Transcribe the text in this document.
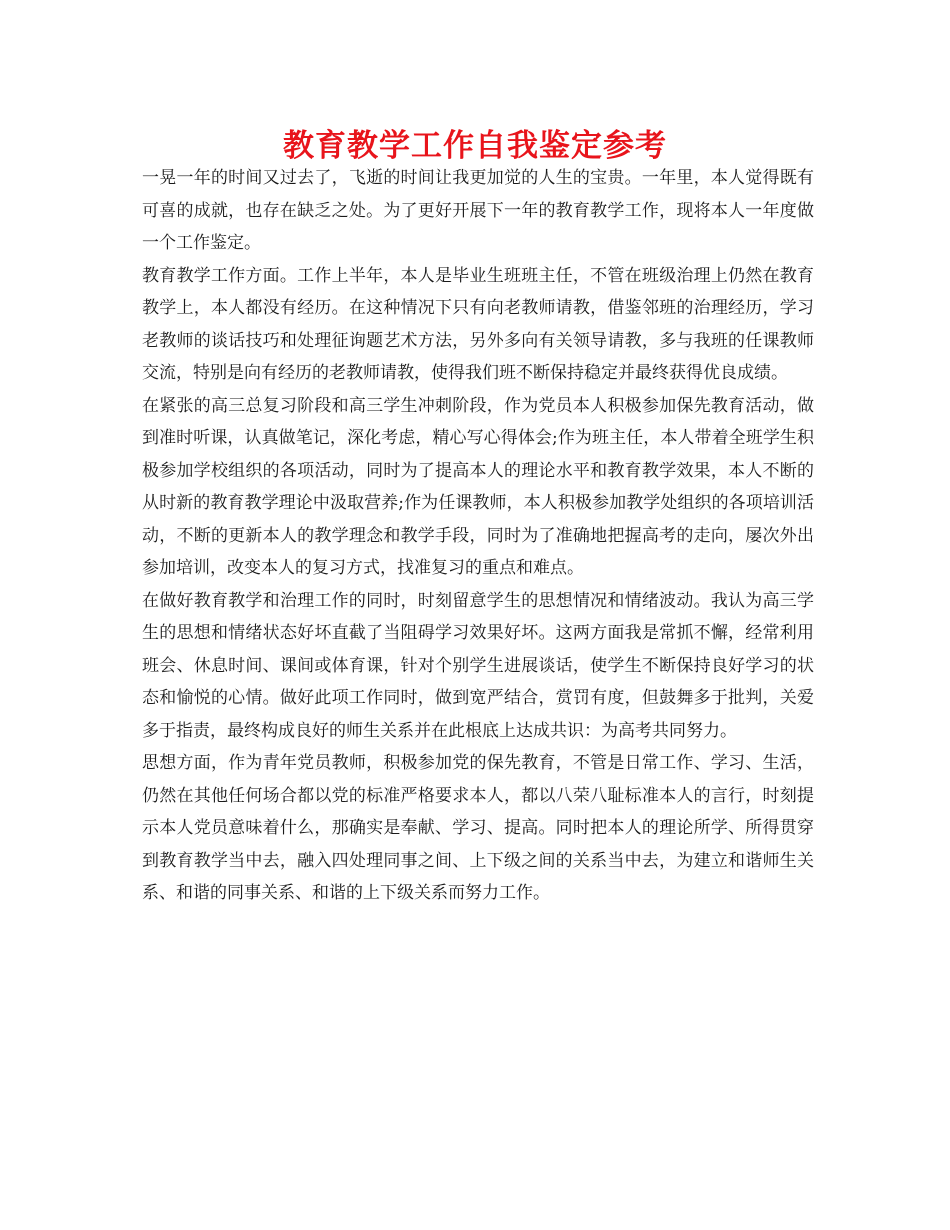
教育教学工作自我鉴定参考

一晃一年的时间又过去了，飞逝的时间让我更加觉的人生的宝贵。一年里，本人觉得既有可喜的成就，也存在缺乏之处。为了更好开展下一年的教育教学工作，现将本人一年度做一个工作鉴定。

教育教学工作方面。工作上半年，本人是毕业生班班主任，不管在班级治理上仍然在教育教学上，本人都没有经历。在这种情况下只有向老教师请教，借鉴邻班的治理经历，学习老教师的谈话技巧和处理征询题艺术方法，另外多向有关领导请教，多与我班的任课教师交流，特别是向有经历的老教师请教，使得我们班不断保持稳定并最终获得优良成绩。

在紧张的高三总复习阶段和高三学生冲刺阶段，作为党员本人积极参加保先教育活动，做到准时听课，认真做笔记，深化考虑，精心写心得体会;作为班主任，本人带着全班学生积极参加学校组织的各项活动，同时为了提高本人的理论水平和教育教学效果，本人不断的从时新的教育教学理论中汲取营养;作为任课教师，本人积极参加教学处组织的各项培训活动，不断的更新本人的教学理念和教学手段，同时为了准确地把握高考的走向，屡次外出参加培训，改变本人的复习方式，找准复习的重点和难点。

在做好教育教学和治理工作的同时，时刻留意学生的思想情况和情绪波动。我认为高三学生的思想和情绪状态好坏直截了当阻碍学习效果好坏。这两方面我是常抓不懈，经常利用班会、休息时间、课间或体育课，针对个别学生进展谈话，使学生不断保持良好学习的状态和愉悦的心情。做好此项工作同时，做到宽严结合，赏罚有度，但鼓舞多于批判，关爱多于指责，最终构成良好的师生关系并在此根底上达成共识：为高考共同努力。

思想方面，作为青年党员教师，积极参加党的保先教育，不管是日常工作、学习、生活，仍然在其他任何场合都以党的标准严格要求本人，都以八荣八耻标准本人的言行，时刻提示本人党员意味着什么，那确实是奉献、学习、提高。同时把本人的理论所学、所得贯穿到教育教学当中去，融入四处理同事之间、上下级之间的关系当中去，为建立和谐师生关系、和谐的同事关系、和谐的上下级关系而努力工作。
